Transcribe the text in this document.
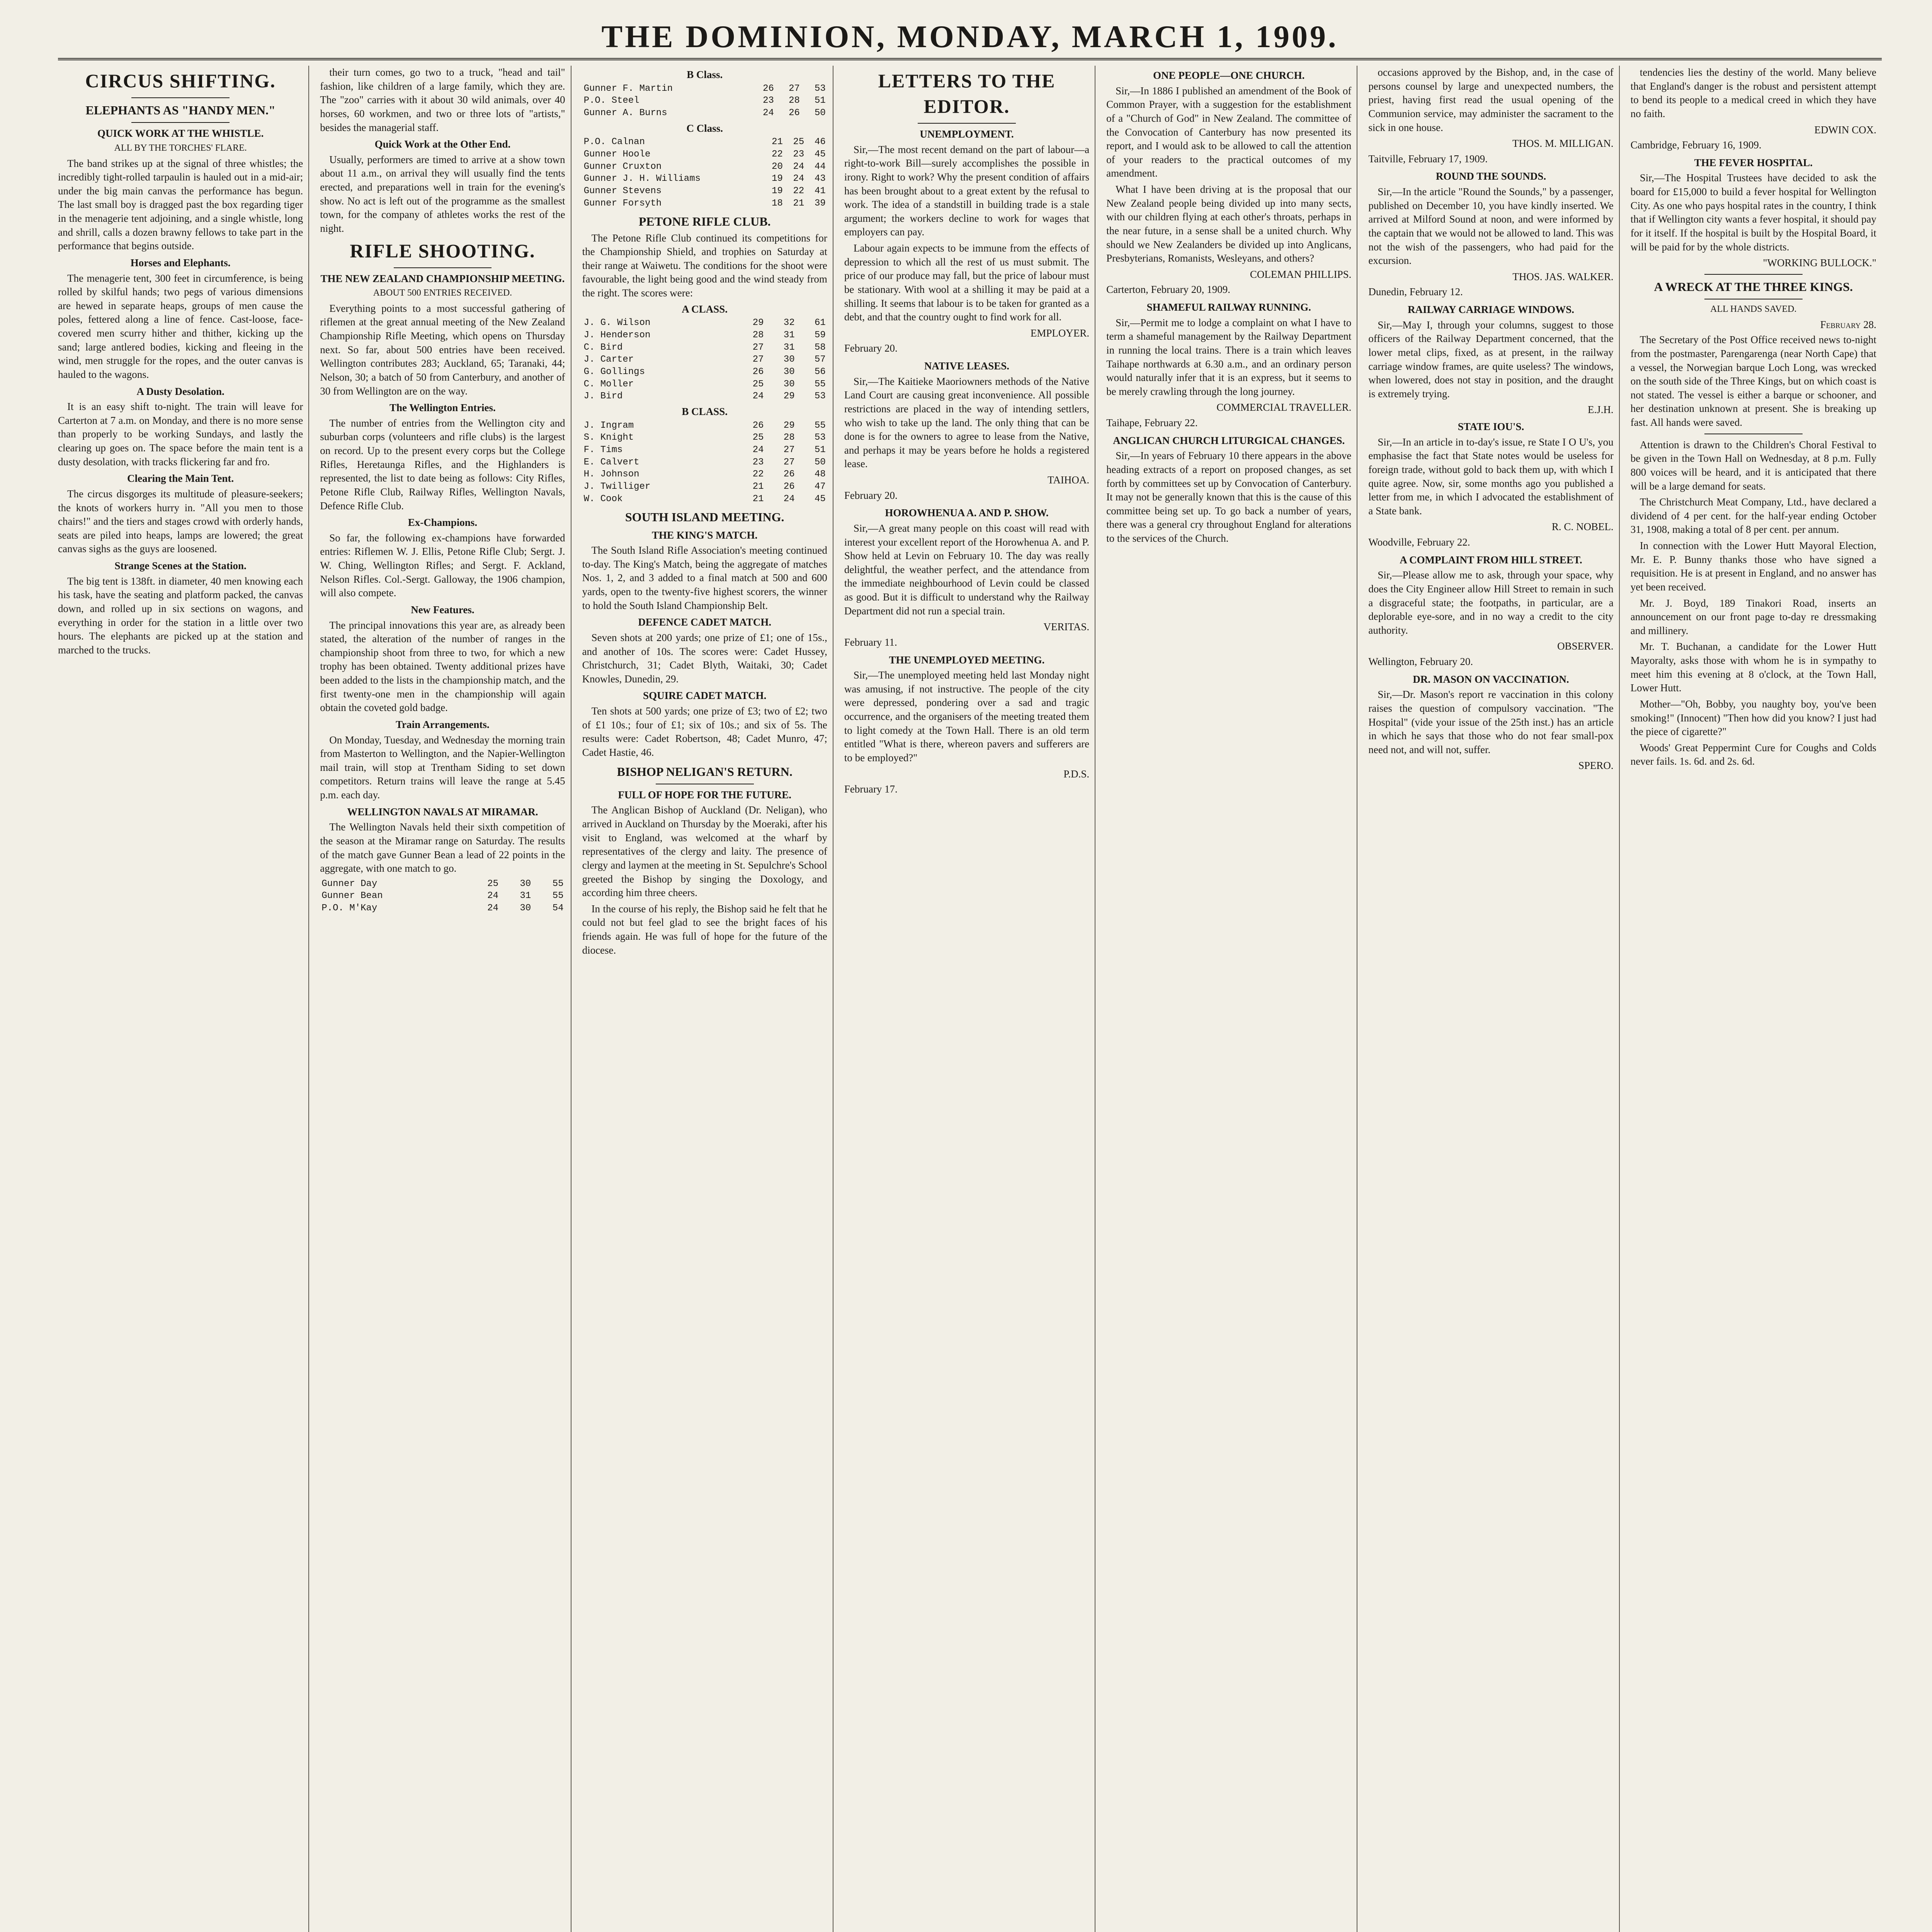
THE DOMINION, MONDAY, MARCH 1, 1909.
CIRCUS SHIFTING.
ELEPHANTS AS "HANDY MEN."
QUICK WORK AT THE WHISTLE.
ALL BY THE TORCHES' FLARE.

The band strikes up at the signal of three whistles; the incredibly tight-rolled tarpaulin is hauled out in a mid-air; under the big main canvas the performance has begun. The last small boy is dragged past the box regarding tiger in the menagerie tent adjoining, and a single whistle, long and shrill, calls a dozen brawny fellows to take part in the performance that begins outside.

Horses and Elephants.

The menagerie tent, 300 feet in circumference, is being rolled by skilful hands; two pegs of various dimensions are hewed in separate heaps, groups of men cause the poles, fettered along a line of fence. Cast-loose, face-covered men scurry hither and thither, kicking up the sand; large antlered bodies, kicking and fleeing in the wind, men struggle for the ropes, and the outer canvas is hauled to the wagons.

A Dusty Desolation.

It is an easy shift to-night. The train will leave for Carterton at 7 a.m. on Monday, and there is no more sense than properly to be working Sundays, and lastly the clearing up goes on. The space before the main tent is a dusty desolation, with tracks flickering far and fro.

Clearing the Main Tent.

The circus disgorges its multitude of pleasure-seekers; the knots of workers hurry in. "All you men to those chairs!" and the tiers and stages crowd with orderly hands, seats are piled into heaps, lamps are lowered; the great canvas sighs as the guys are loosened.

Strange Scenes at the Station.

The big tent is 138ft. in diameter, 40 men knowing each his task, have the seating and platform packed, the canvas down, and rolled up in six sections on wagons, and everything in order for the station in a little over two hours. The elephants are picked up at the station and marched to the trucks.

their turn comes, go two to a truck, "head and tail" fashion, like children of a large family, which they are. The "zoo" carries with it about 30 wild animals, over 40 horses, 60 workmen, and two or three lots of "artists," besides the managerial staff.

Quick Work at the Other End.

Usually, performers are timed to arrive at a show town about 11 a.m., on arrival they will usually find the tents erected, and preparations well in train for the evening's show. No act is left out of the programme as the smallest town, for the company of athletes works the rest of the night.

RIFLE SHOOTING.
THE NEW ZEALAND CHAMPIONSHIP MEETING.
ABOUT 500 ENTRIES RECEIVED.

Everything points to a most successful gathering of riflemen at the great annual meeting of the New Zealand Championship Rifle Meeting, which opens on Thursday next. So far, about 500 entries have been received. Wellington contributes 283; Auckland, 65; Taranaki, 44; Nelson, 30; a batch of 50 from Canterbury, and another of 30 from Wellington are on the way.

The Wellington Entries.

The number of entries from the Wellington city and suburban corps (volunteers and rifle clubs) is the largest on record. Up to the present every corps but the College Rifles, Heretaunga Rifles, and the Highlanders is represented, the list to date being as follows: City Rifles, Petone Rifle Club, Railway Rifles, Wellington Navals, Defence Rifle Club.

Ex-Champions.

So far, the following ex-champions have forwarded entries: Riflemen W. J. Ellis, Petone Rifle Club; Sergt. J. W. Ching, Wellington Rifles; and Sergt. F. Ackland, Nelson Rifles. Col.-Sergt. Galloway, the 1906 champion, will also compete.

New Features.

The principal innovations this year are, as already been stated, the alteration of the number of ranges in the championship shoot from three to two, for which a new trophy has been obtained. Twenty additional prizes have been added to the lists in the championship match, and the first twenty-one men in the championship will again obtain the coveted gold badge.

Train Arrangements.

On Monday, Tuesday, and Wednesday the morning train from Masterton to Wellington, and the Napier-Wellington mail train, will stop at Trentham Siding to set down competitors. Return trains will leave the range at 5.45 p.m. each day.

WELLINGTON NAVALS AT MIRAMAR.

The Wellington Navals held their sixth competition of the season at the Miramar range on Saturday. The results of the match gave Gunner Bean a lead of 22 points in the aggregate, with one match to go.

Gunner Day	25	30	55
Gunner Bean	24	31	55
P.O. M'Kay	24	30	54
B Class.
Gunner F. Martin	26	27	53
P.O. Steel	23	28	51
Gunner A. Burns	24	26	50
C Class.
P.O. Calnan	21	25	46
Gunner Hoole	22	23	45
Gunner Cruxton	20	24	44
Gunner J. H. Williams	19	24	43
Gunner Stevens	19	22	41
Gunner Forsyth	18	21	39
PETONE RIFLE CLUB.

The Petone Rifle Club continued its competitions for the Championship Shield, and trophies on Saturday at their range at Waiwetu. The conditions for the shoot were favourable, the light being good and the wind steady from the right. The scores were:

A CLASS.
J. G. Wilson	29	32	61
J. Henderson	28	31	59
C. Bird	27	31	58
J. Carter	27	30	57
G. Gollings	26	30	56
C. Moller	25	30	55
J. Bird	24	29	53
B CLASS.
J. Ingram	26	29	55
S. Knight	25	28	53
F. Tims	24	27	51
E. Calvert	23	27	50
H. Johnson	22	26	48
J. Twilliger	21	26	47
W. Cook	21	24	45
SOUTH ISLAND MEETING.
THE KING'S MATCH.

The South Island Rifle Association's meeting continued to-day. The King's Match, being the aggregate of matches Nos. 1, 2, and 3 added to a final match at 500 and 600 yards, open to the twenty-five highest scorers, the winner to hold the South Island Championship Belt.

DEFENCE CADET MATCH.

Seven shots at 200 yards; one prize of £1; one of 15s., and another of 10s. The scores were: Cadet Hussey, Christchurch, 31; Cadet Blyth, Waitaki, 30; Cadet Knowles, Dunedin, 29.

SQUIRE CADET MATCH.

Ten shots at 500 yards; one prize of £3; two of £2; two of £1 10s.; four of £1; six of 10s.; and six of 5s. The results were: Cadet Robertson, 48; Cadet Munro, 47; Cadet Hastie, 46.

BISHOP NELIGAN'S RETURN.
FULL OF HOPE FOR THE FUTURE.

The Anglican Bishop of Auckland (Dr. Neligan), who arrived in Auckland on Thursday by the Moeraki, after his visit to England, was welcomed at the wharf by representatives of the clergy and laity. The presence of clergy and laymen at the meeting in St. Sepulchre's School greeted the Bishop by singing the Doxology, and according him three cheers.

In the course of his reply, the Bishop said he felt that he could not but feel glad to see the bright faces of his friends again. He was full of hope for the future of the diocese.

LETTERS TO THE EDITOR.
UNEMPLOYMENT.

Sir,—The most recent demand on the part of labour—a right-to-work Bill—surely accomplishes the possible in irony. Right to work? Why the present condition of affairs has been brought about to a great extent by the refusal to work. The idea of a standstill in building trade is a stale argument; the workers decline to work for wages that employers can pay.

Labour again expects to be immune from the effects of depression to which all the rest of us must submit. The price of our produce may fall, but the price of labour must be stationary. With wool at a shilling it may be paid at a shilling. It seems that labour is to be taken for granted as a debt, and that the country ought to find work for all.

EMPLOYER.
February 20.
NATIVE LEASES.

Sir,—The Kaitieke Maoriowners methods of the Native Land Court are causing great inconvenience. All possible restrictions are placed in the way of intending settlers, who wish to take up the land. The only thing that can be done is for the owners to agree to lease from the Native, and perhaps it may be years before he holds a registered lease.

TAIHOA.
February 20.
HOROWHENUA A. AND P. SHOW.

Sir,—A great many people on this coast will read with interest your excellent report of the Horowhenua A. and P. Show held at Levin on February 10. The day was really delightful, the weather perfect, and the attendance from the immediate neighbourhood of Levin could be classed as good. But it is difficult to understand why the Railway Department did not run a special train.

VERITAS.
February 11.
THE UNEMPLOYED MEETING.

Sir,—The unemployed meeting held last Monday night was amusing, if not instructive. The people of the city were depressed, pondering over a sad and tragic occurrence, and the organisers of the meeting treated them to light comedy at the Town Hall. There is an old term entitled "What is there, whereon pavers and sufferers are to be employed?"

P.D.S.
February 17.
ONE PEOPLE—ONE CHURCH.

Sir,—In 1886 I published an amendment of the Book of Common Prayer, with a suggestion for the establishment of a "Church of God" in New Zealand. The committee of the Convocation of Canterbury has now presented its report, and I would ask to be allowed to call the attention of your readers to the practical outcomes of my amendment.

What I have been driving at is the proposal that our New Zealand people being divided up into many sects, with our children flying at each other's throats, perhaps in the near future, in a sense shall be a united church. Why should we New Zealanders be divided up into Anglicans, Presbyterians, Romanists, Wesleyans, and others?

COLEMAN PHILLIPS.
Carterton, February 20, 1909.
SHAMEFUL RAILWAY RUNNING.

Sir,—Permit me to lodge a complaint on what I have to term a shameful management by the Railway Department in running the local trains. There is a train which leaves Taihape northwards at 6.30 a.m., and an ordinary person would naturally infer that it is an express, but it seems to be merely crawling through the long journey.

COMMERCIAL TRAVELLER.
Taihape, February 22.
ANGLICAN CHURCH LITURGICAL CHANGES.

Sir,—In years of February 10 there appears in the above heading extracts of a report on proposed changes, as set forth by committees set up by Convocation of Canterbury. It may not be generally known that this is the cause of this committee being set up. To go back a number of years, there was a general cry throughout England for alterations to the services of the Church.

occasions approved by the Bishop, and, in the case of persons counsel by large and unexpected numbers, the priest, having first read the usual opening of the Communion service, may administer the sacrament to the sick in one house.

THOS. M. MILLIGAN.
Taitville, February 17, 1909.
ROUND THE SOUNDS.

Sir,—In the article "Round the Sounds," by a passenger, published on December 10, you have kindly inserted. We arrived at Milford Sound at noon, and were informed by the captain that we would not be allowed to land. This was not the wish of the passengers, who had paid for the excursion.

THOS. JAS. WALKER.
Dunedin, February 12.
RAILWAY CARRIAGE WINDOWS.

Sir,—May I, through your columns, suggest to those officers of the Railway Department concerned, that the lower metal clips, fixed, as at present, in the railway carriage window frames, are quite useless? The windows, when lowered, does not stay in position, and the draught is extremely trying.

E.J.H.
STATE IOU'S.

Sir,—In an article in to-day's issue, re State I O U's, you emphasise the fact that State notes would be useless for foreign trade, without gold to back them up, with which I quite agree. Now, sir, some months ago you published a letter from me, in which I advocated the establishment of a State bank.

R. C. NOBEL.
Woodville, February 22.
A COMPLAINT FROM HILL STREET.

Sir,—Please allow me to ask, through your space, why does the City Engineer allow Hill Street to remain in such a disgraceful state; the footpaths, in particular, are a deplorable eye-sore, and in no way a credit to the city authority.

OBSERVER.
Wellington, February 20.
DR. MASON ON VACCINATION.

Sir,—Dr. Mason's report re vaccination in this colony raises the question of compulsory vaccination. "The Hospital" (vide your issue of the 25th inst.) has an article in which he says that those who do not fear small-pox need not, and will not, suffer.

SPERO.

tendencies lies the destiny of the world. Many believe that England's danger is the robust and persistent attempt to bend its people to a medical creed in which they have no faith.

EDWIN COX.
Cambridge, February 16, 1909.
THE FEVER HOSPITAL.

Sir,—The Hospital Trustees have decided to ask the board for £15,000 to build a fever hospital for Wellington City. As one who pays hospital rates in the country, I think that if Wellington city wants a fever hospital, it should pay for it itself. If the hospital is built by the Hospital Board, it will be paid for by the whole districts.

"WORKING BULLOCK."
A WRECK AT THE THREE KINGS.
ALL HANDS SAVED.
February 28.

The Secretary of the Post Office received news to-night from the postmaster, Parengarenga (near North Cape) that a vessel, the Norwegian barque Loch Long, was wrecked on the south side of the Three Kings, but on which coast is not stated. The vessel is either a barque or schooner, and her destination unknown at present. She is breaking up fast. All hands were saved.

Attention is drawn to the Children's Choral Festival to be given in the Town Hall on Wednesday, at 8 p.m. Fully 800 voices will be heard, and it is anticipated that there will be a large demand for seats.

The Christchurch Meat Company, Ltd., have declared a dividend of 4 per cent. for the half-year ending October 31, 1908, making a total of 8 per cent. per annum.

In connection with the Lower Hutt Mayoral Election, Mr. E. P. Bunny thanks those who have signed a requisition. He is at present in England, and no answer has yet been received.

Mr. J. Boyd, 189 Tinakori Road, inserts an announcement on our front page to-day re dressmaking and millinery.

Mr. T. Buchanan, a candidate for the Lower Hutt Mayoralty, asks those with whom he is in sympathy to meet him this evening at 8 o'clock, at the Town Hall, Lower Hutt.

Mother—"Oh, Bobby, you naughty boy, you've been smoking!" (Innocent) "Then how did you know? I just had the piece of cigarette?"

Woods' Great Peppermint Cure for Coughs and Colds never fails. 1s. 6d. and 2s. 6d.
